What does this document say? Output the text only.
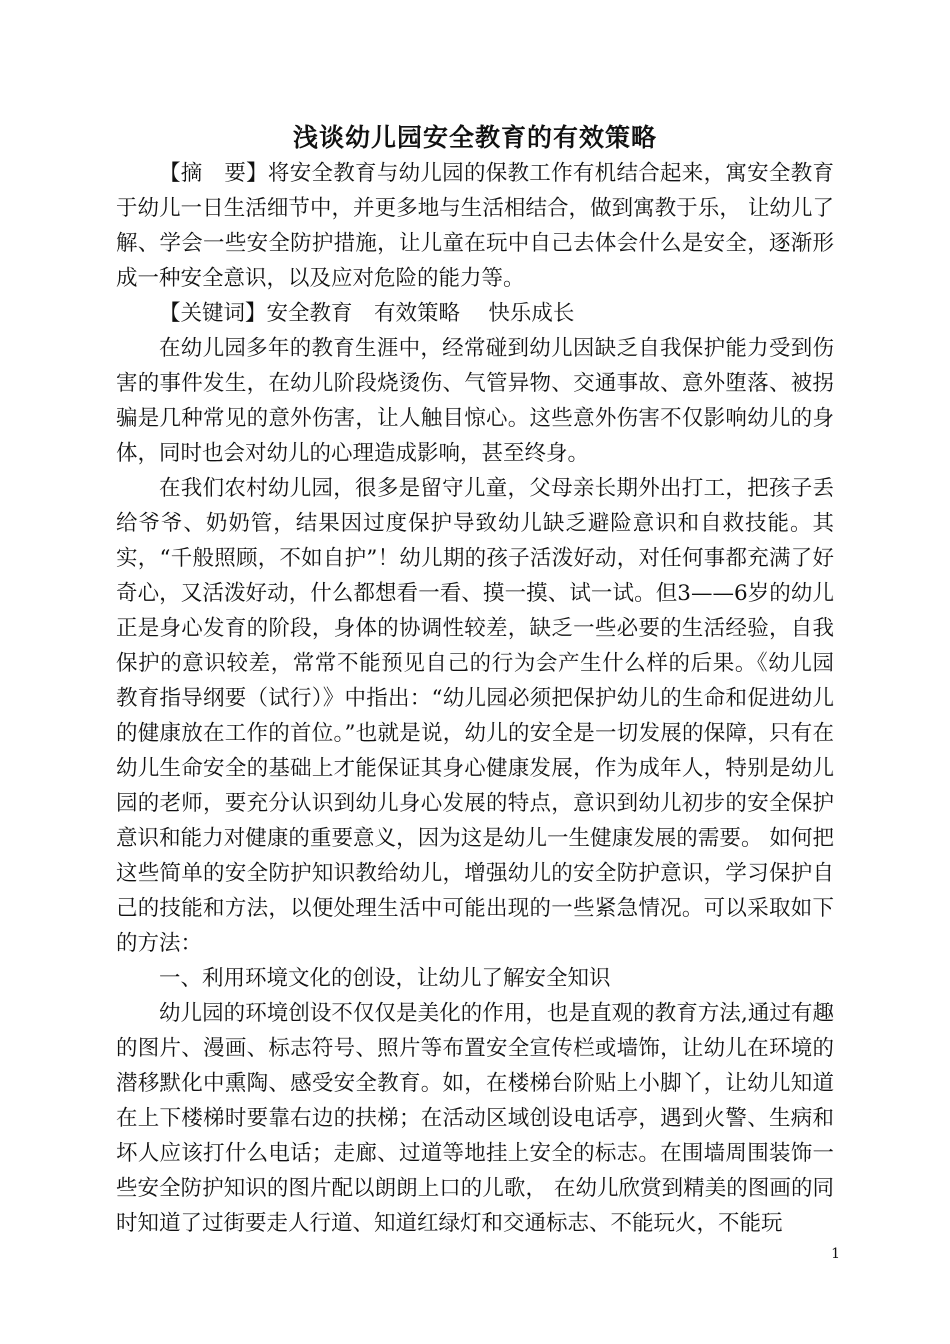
浅谈幼儿园安全教育的有效策略

【摘　要】将安全教育与幼儿园的保教工作有机结合起来，寓安全教育于幼儿一日生活细节中，并更多地与生活相结合，做到寓教于乐， 让幼儿了解、学会一些安全防护措施，让儿童在玩中自己去体会什么是安全，逐渐形成一种安全意识，以及应对危险的能力等。

【关键词】安全教育　有效策略　 快乐成长

在幼儿园多年的教育生涯中，经常碰到幼儿因缺乏自我保护能力受到伤害的事件发生，在幼儿阶段烧烫伤、气管异物、交通事故、意外堕落、被拐骗是几种常见的意外伤害，让人触目惊心。这些意外伤害不仅影响幼儿的身体，同时也会对幼儿的心理造成影响，甚至终身。

在我们农村幼儿园，很多是留守儿童，父母亲长期外出打工，把孩子丢给爷爷、奶奶管，结果因过度保护导致幼儿缺乏避险意识和自救技能。其实，“千般照顾，不如自护”！幼儿期的孩子活泼好动，对任何事都充满了好奇心，又活泼好动，什么都想看一看、摸一摸、试一试。但3——6岁的幼儿正是身心发育的阶段，身体的协调性较差，缺乏一些必要的生活经验，自我保护的意识较差，常常不能预见自己的行为会产生什么样的后果。《幼儿园教育指导纲要（试行）》中指出：“幼儿园必须把保护幼儿的生命和促进幼儿的健康放在工作的首位。”也就是说，幼儿的安全是一切发展的保障，只有在幼儿生命安全的基础上才能保证其身心健康发展，作为成年人，特别是幼儿园的老师，要充分认识到幼儿身心发展的特点，意识到幼儿初步的安全保护意识和能力对健康的重要意义，因为这是幼儿一生健康发展的需要。 如何把这些简单的安全防护知识教给幼儿，增强幼儿的安全防护意识，学习保护自己的技能和方法，以便处理生活中可能出现的一些紧急情况。可以采取如下的方法：

一、利用环境文化的创设，让幼儿了解安全知识

幼儿园的环境创设不仅仅是美化的作用，也是直观的教育方法,通过有趣的图片、漫画、标志符号、照片等布置安全宣传栏或墙饰，让幼儿在环境的潜移默化中熏陶、感受安全教育。如，在楼梯台阶贴上小脚丫，让幼儿知道在上下楼梯时要靠右边的扶梯；在活动区域创设电话亭，遇到火警、生病和坏人应该打什么电话；走廊、过道等地挂上安全的标志。在围墙周围装饰一些安全防护知识的图片配以朗朗上口的儿歌， 在幼儿欣赏到精美的图画的同时知道了过街要走人行道、知道红绿灯和交通标志、不能玩火，不能玩

1
